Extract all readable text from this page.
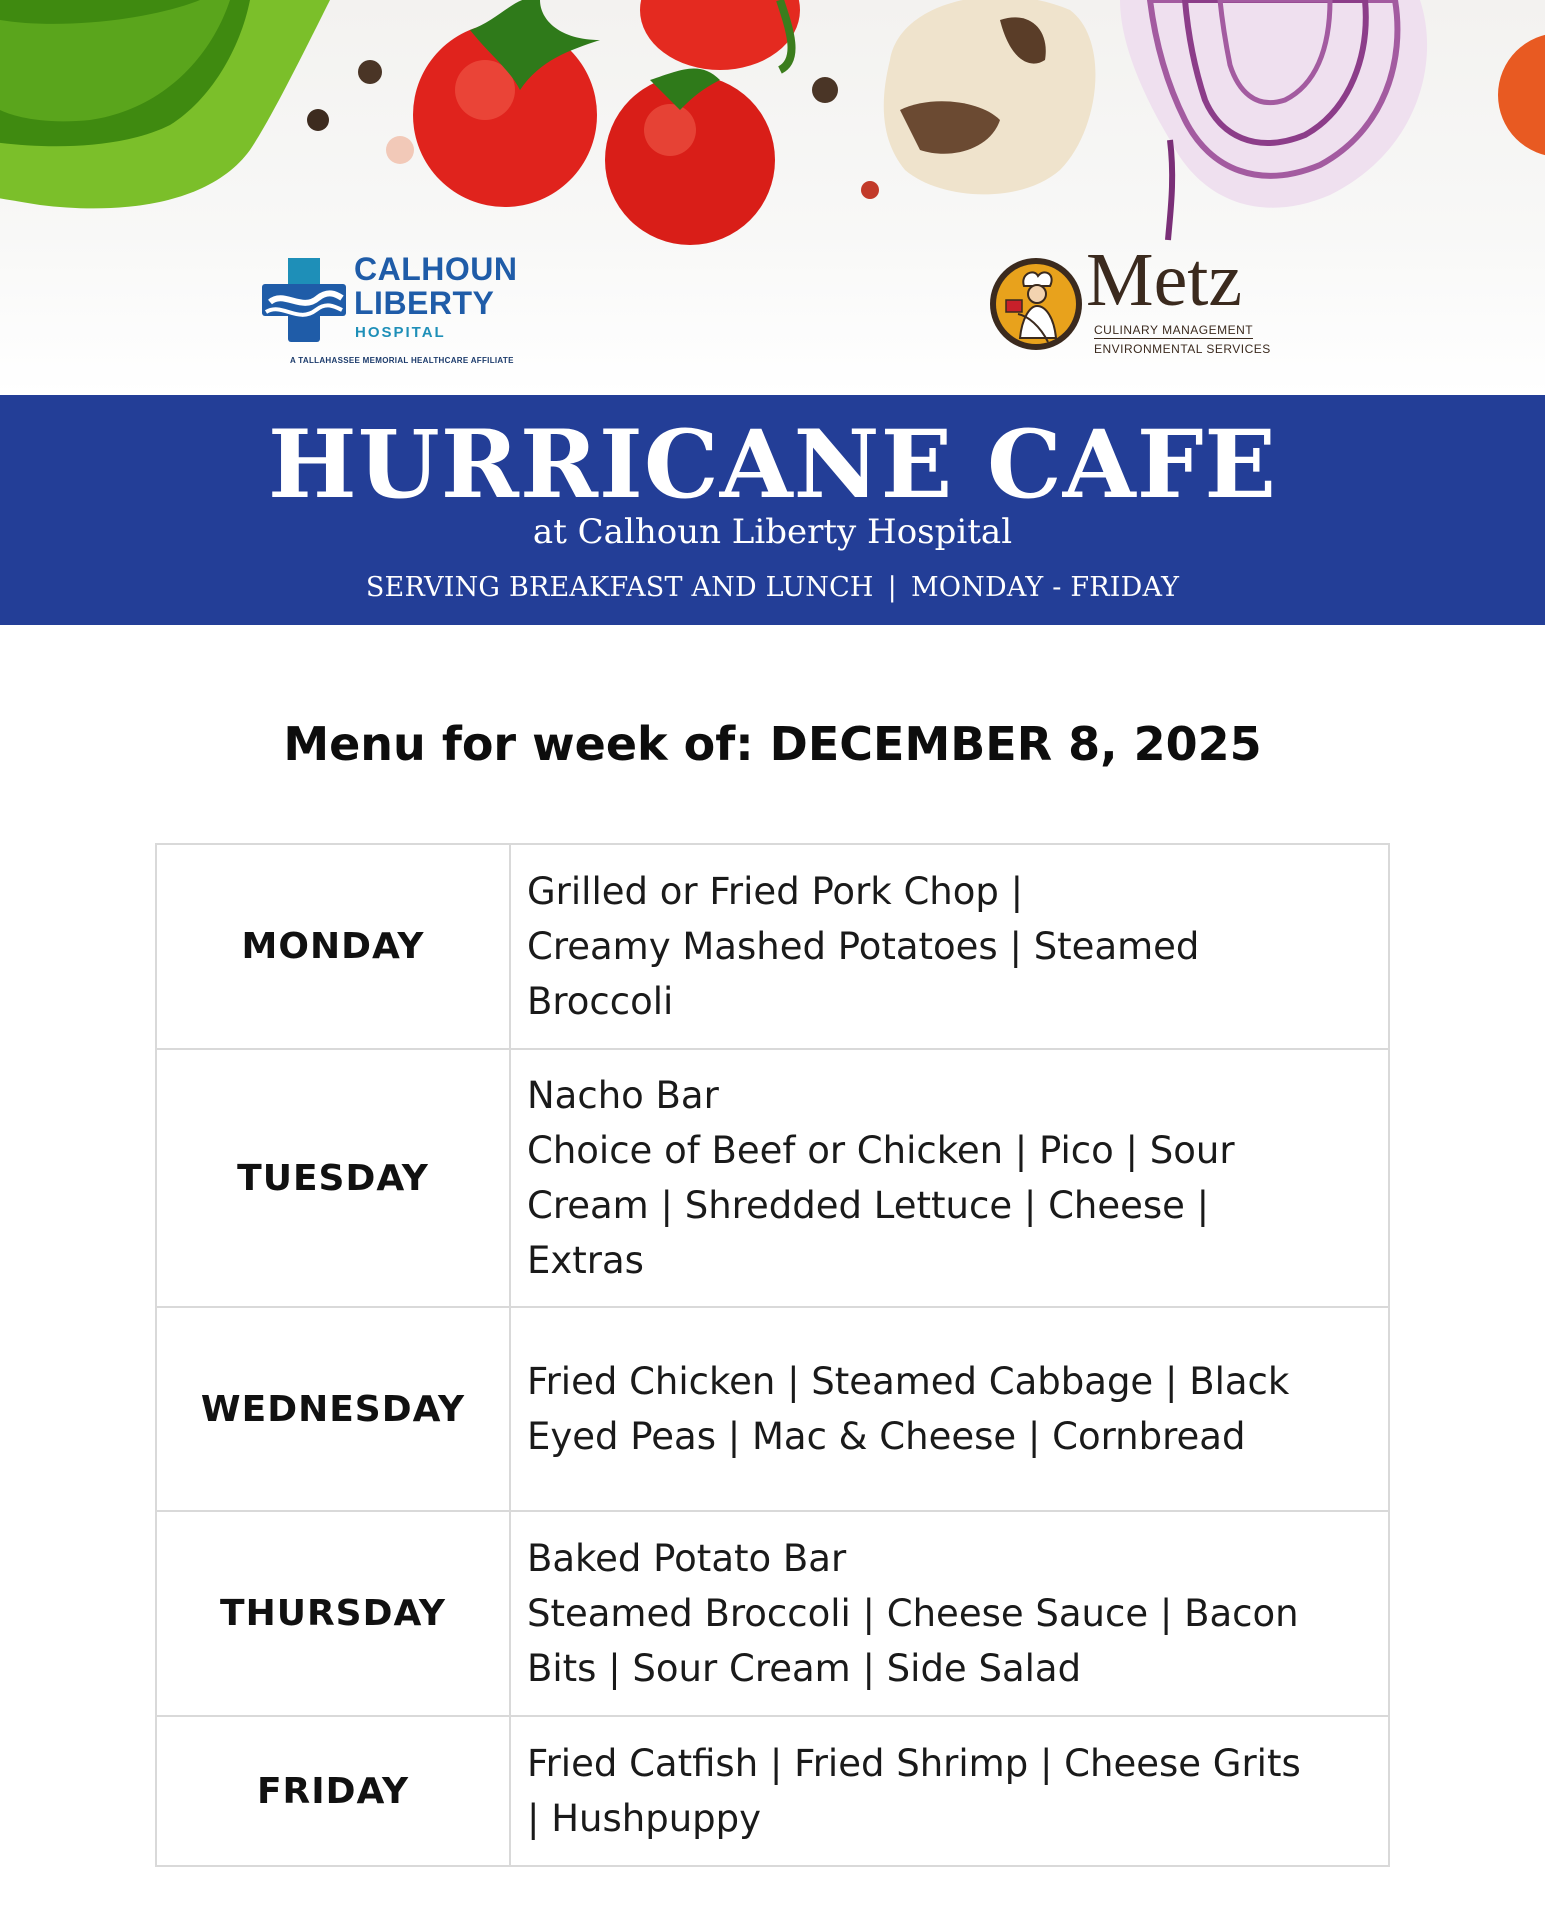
CALHOUN
LIBERTY
HOSPITAL
A TALLAHASSEE MEMORIAL HEALTHCARE AFFILIATE
Metz
CULINARY MANAGEMENT
ENVIRONMENTAL SERVICES
HURRICANE CAFE
at Calhoun Liberty Hospital
SERVING BREAKFAST AND LUNCH | MONDAY - FRIDAY
Menu for week of: DECEMBER 8, 2025
MONDAY	Grilled or Fried Pork Chop |
Creamy Mashed Potatoes | Steamed
Broccoli

TUESDAY	Nacho Bar
Choice of Beef or Chicken | Pico | Sour
Cream | Shredded Lettuce | Cheese |
Extras

WEDNESDAY	Fried Chicken | Steamed Cabbage | Black
Eyed Peas | Mac & Cheese | Cornbread

THURSDAY	Baked Potato Bar
Steamed Broccoli | Cheese Sauce | Bacon
Bits | Sour Cream | Side Salad

FRIDAY	Fried Catfish | Fried Shrimp | Cheese Grits
| Hushpuppy
